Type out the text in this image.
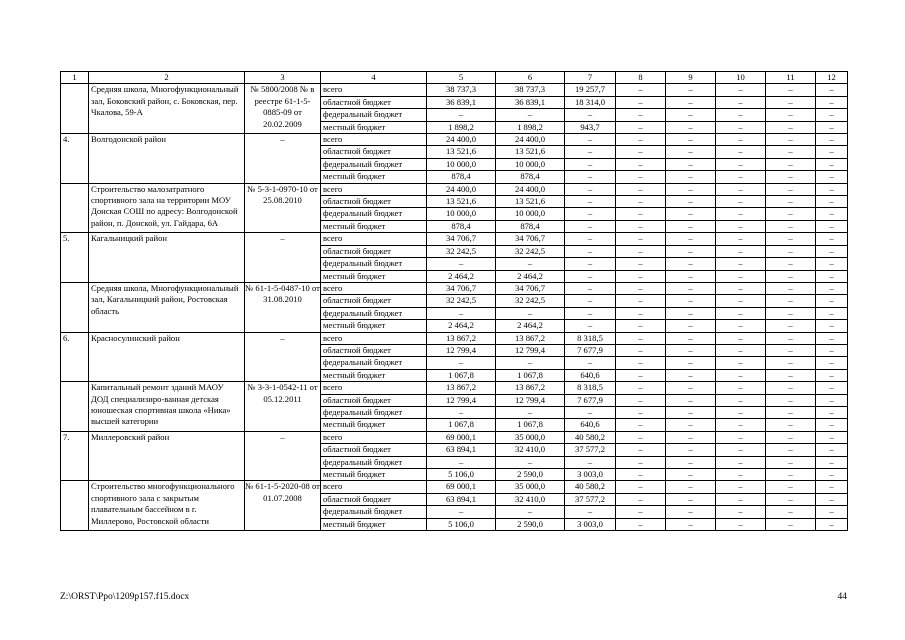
1	2	3	4	5	6	7	8	9	10	11	12
	Средняя школа, Многофункциональный зал, Боковский район, с. Боковская, пер. Чкалова, 59-А	№ 5800/2008 № в реестре 61-1-5-0885-09 от 20.02.2009	всего	38 737,3	38 737,3	19 257,7	–	–	–	–	–
			областной бюджет	36 839,1	36 839,1	18 314,0	–	–	–	–	–
			федеральный бюджет	–	–	–	–	–	–	–	–
			местный бюджет	1 898,2	1 898,2	943,7	–	–	–	–	–
4.	Волгодонской район	–	всего	24 400,0	24 400,0	–	–	–	–	–	–
			областной бюджет	13 521,6	13 521,6	–	–	–	–	–	–
			федеральный бюджет	10 000,0	10 000,0	–	–	–	–	–	–
			местный бюджет	878,4	878,4	–	–	–	–	–	–
	Строительство малозатратного спортивного зала на территории МОУ Донская СОШ по адресу: Волгодонской район, п. Донской, ул. Гайдара, 6А	№ 5-3-1-0970-10 от 25.08.2010	всего	24 400,0	24 400,0	–	–	–	–	–	–
			областной бюджет	13 521,6	13 521,6	–	–	–	–	–	–
			федеральный бюджет	10 000,0	10 000,0	–	–	–	–	–	–
			местный бюджет	878,4	878,4	–	–	–	–	–	–
5.	Кагальницкий район	–	всего	34 706,7	34 706,7	–	–	–	–	–	–
			областной бюджет	32 242,5	32 242,5	–	–	–	–	–	–
			федеральный бюджет	–	–	–	–	–	–	–	–
			местный бюджет	2 464,2	2 464,2	–	–	–	–	–	–
	Средняя школа, Многофункциональный зал, Кагальницкий район, Ростовская область	№ 61-1-5-0487-10 от 31.08.2010	всего	34 706,7	34 706,7	–	–	–	–	–	–
			областной бюджет	32 242,5	32 242,5	–	–	–	–	–	–
			федеральный бюджет	–	–	–	–	–	–	–	–
			местный бюджет	2 464,2	2 464,2	–	–	–	–	–	–
6.	Красносулинский район	–	всего	13 867,2	13 867,2	8 318,5	–	–	–	–	–
			областной бюджет	12 799,4	12 799,4	7 677,9	–	–	–	–	–
			федеральный бюджет	–	–	–	–	–	–	–	–
			местный бюджет	1 067,8	1 067,8	640,6	–	–	–	–	–
	Капитальный ремонт зданий МАОУ ДОД специализиро-ванная детская юношеская спортивная школа «Ника» высшей категории	№ 3-3-1-0542-11 от 05.12.2011	всего	13 867,2	13 867,2	8 318,5	–	–	–	–	–
			областной бюджет	12 799,4	12 799,4	7 677,9	–	–	–	–	–
			федеральный бюджет	–	–	–	–	–	–	–	–
			местный бюджет	1 067,8	1 067,8	640,6	–	–	–	–	–
7.	Миллеровский район	–	всего	69 000,1	35 000,0	40 580,2	–	–	–	–	–
			областной бюджет	63 894,1	32 410,0	37 577,2	–	–	–	–	–
			федеральный бюджет	–	–	–	–	–	–	–	–
			местный бюджет	5 106,0	2 590,0	3 003,0	–	–	–	–	–
	Строительство многофункционального спортивного зала с закрытым плавательным бассейном в г. Миллерово, Ростовской области	№ 61-1-5-2020-08 от 01.07.2008	всего	69 000,1	35 000,0	40 580,2	–	–	–	–	–
			областной бюджет	63 894,1	32 410,0	37 577,2	–	–	–	–	–
			федеральный бюджет	–	–	–	–	–	–	–	–
			местный бюджет	5 106,0	2 590,0	3 003,0	–	–	–	–	–
Z:\ORST\Ppo\1209p157.f15.docx	44
